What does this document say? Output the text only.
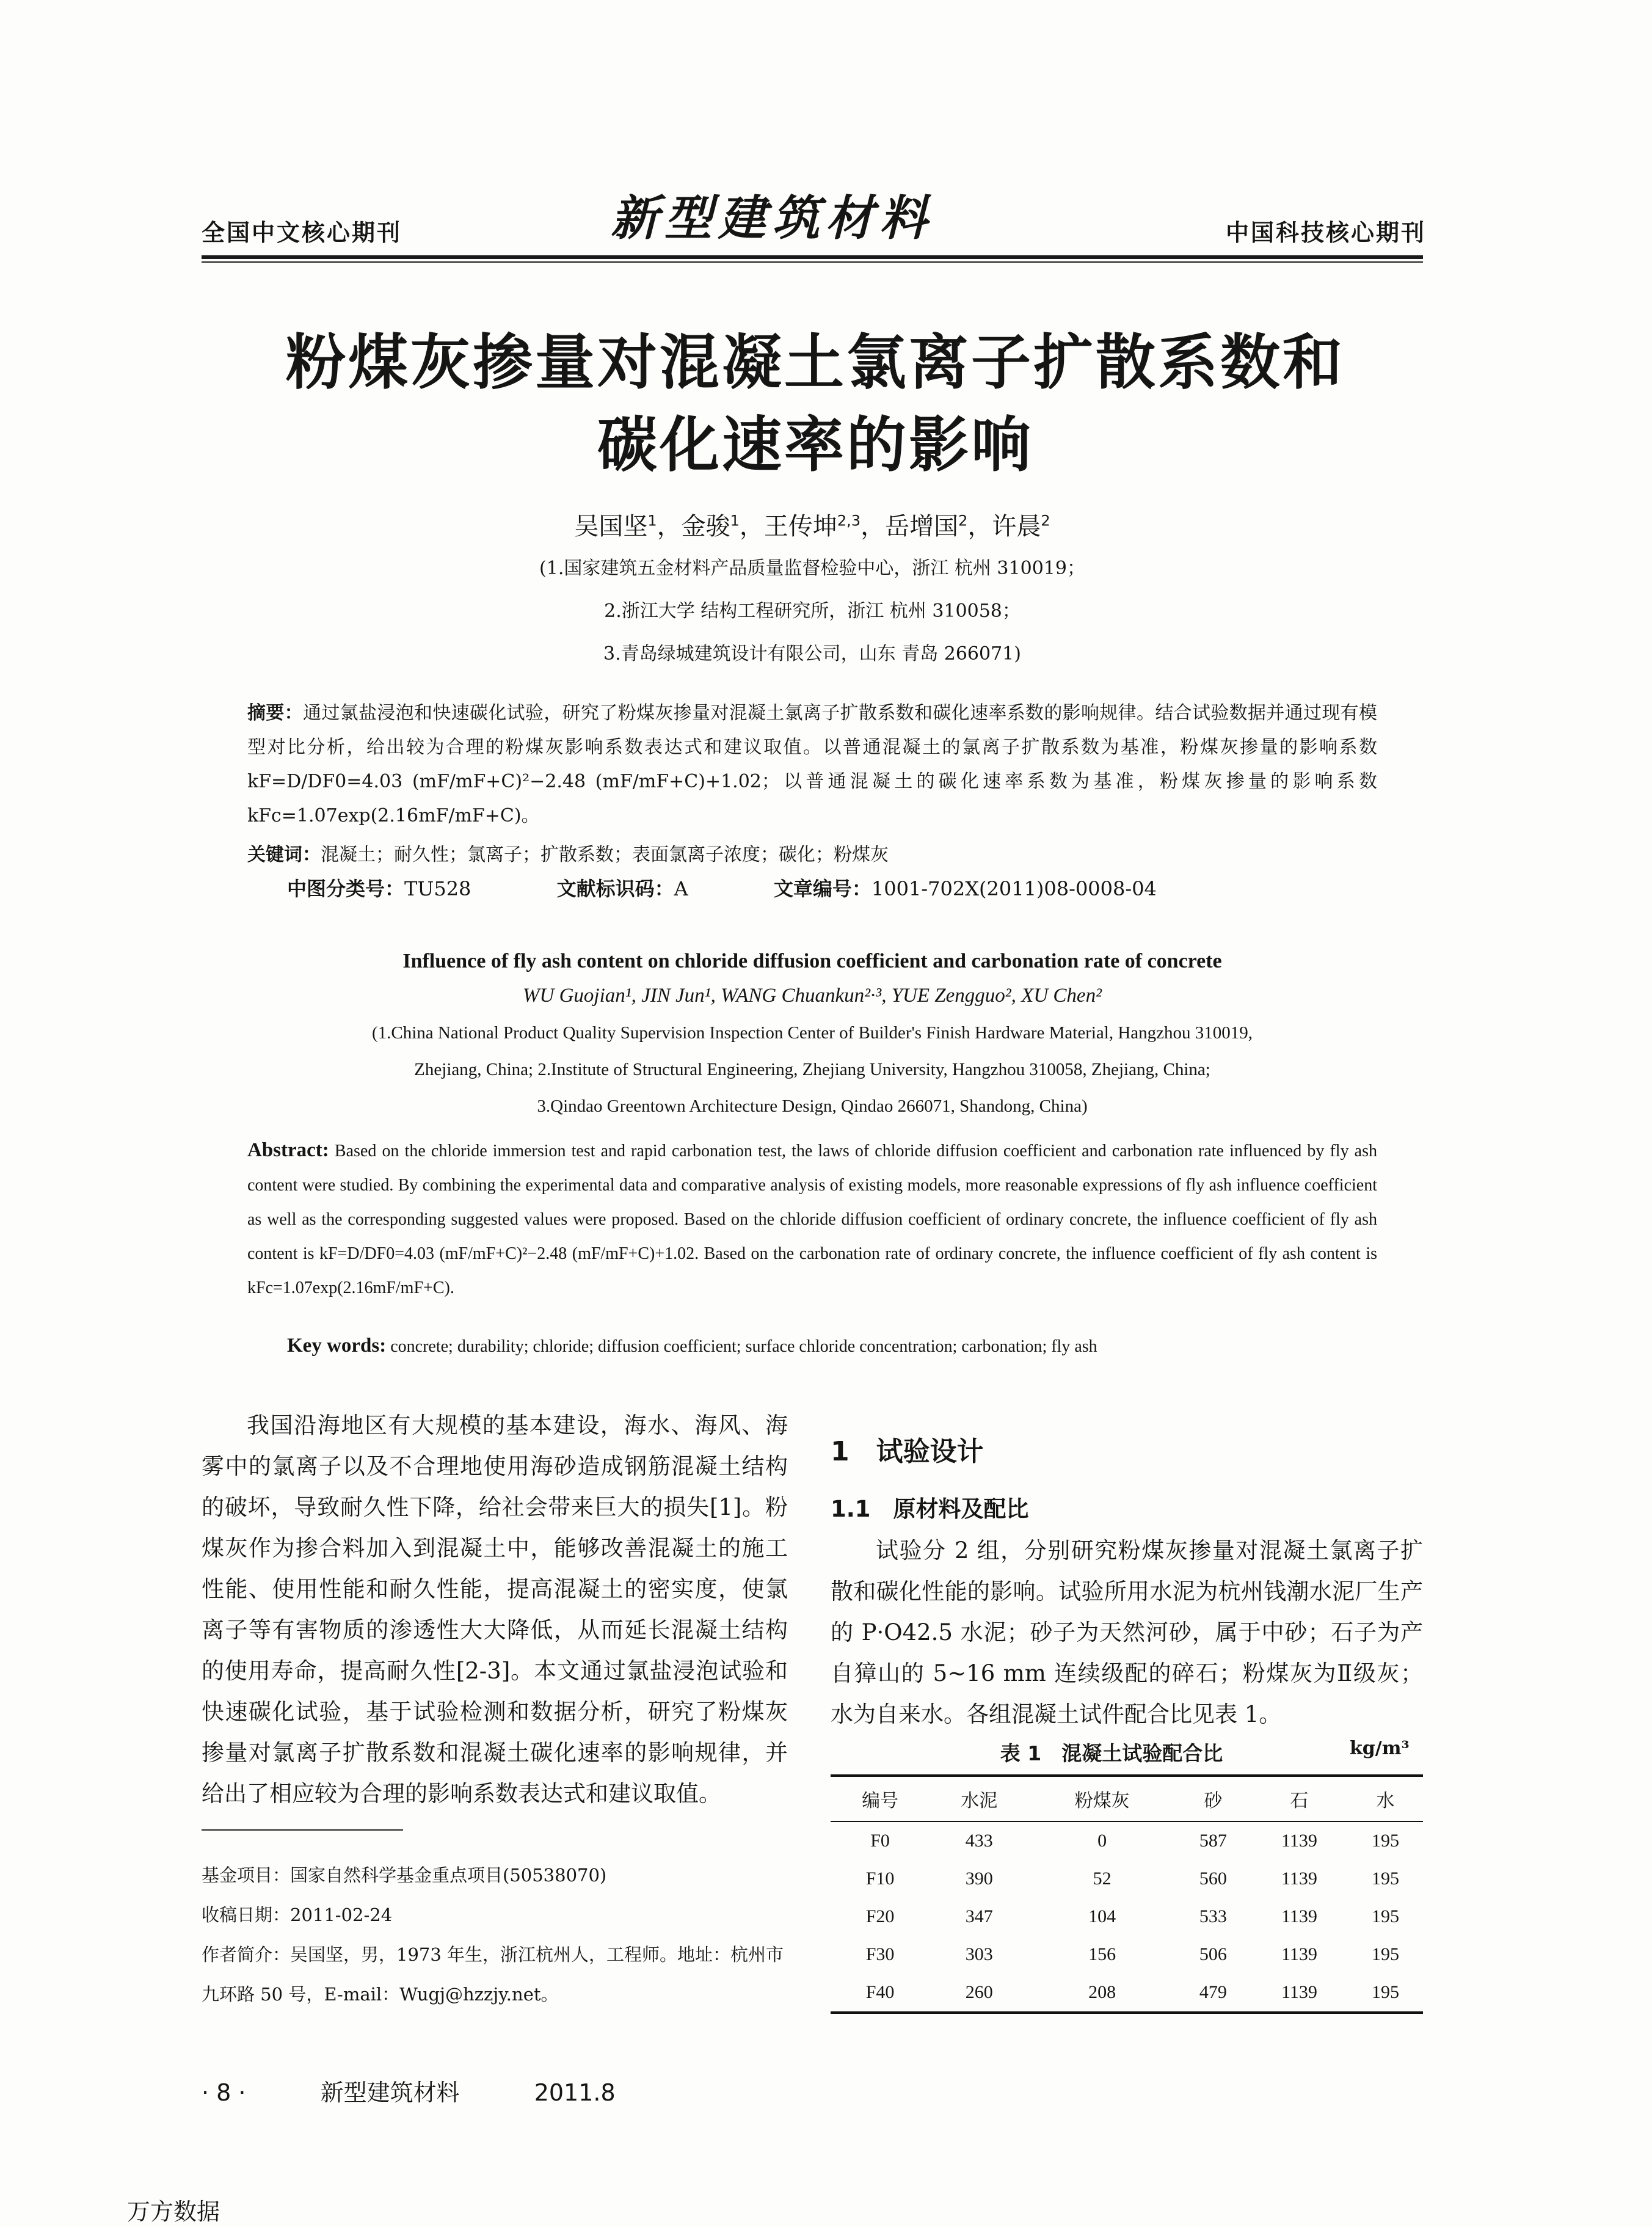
全国中文核心期刊	新型建筑材料	中国科技核心期刊
粉煤灰掺量对混凝土氯离子扩散系数和
碳化速率的影响
吴国坚$^1$，金骏$^1$，王传坤$^{2,3}$，岳增国$^2$，许晨$^2$
(1.国家建筑五金材料产品质量监督检验中心，浙江 杭州 310019；
2.浙江大学 结构工程研究所，浙江 杭州 310058；
3.青岛绿城建筑设计有限公司，山东 青岛 266071)
摘要：通过氯盐浸泡和快速碳化试验，研究了粉煤灰掺量对混凝土氯离子扩散系数和碳化速率系数的影响规律。结合试验数据并通过现有模型对比分析，给出较为合理的粉煤灰影响系数表达式和建议取值。以普通混凝土的氯离子扩散系数为基准，粉煤灰掺量的影响系数 kF=D/DF0=4.03 (mF/mF+C)²−2.48 (mF/mF+C)+1.02；以普通混凝土的碳化速率系数为基准，粉煤灰掺量的影响系数 kFc=1.07exp(2.16mF/mF+C)。
关键词：混凝土；耐久性；氯离子；扩散系数；表面氯离子浓度；碳化；粉煤灰
中图分类号：TU528	文献标识码：A	文章编号：1001-702X(2011)08-0008-04
Influence of fly ash content on chloride diffusion coefficient and carbonation rate of concrete
WU Guojian¹, JIN Jun¹, WANG Chuankun²·³, YUE Zengguo², XU Chen²
(1.China National Product Quality Supervision Inspection Center of Builder's Finish Hardware Material, Hangzhou 310019,
Zhejiang, China; 2.Institute of Structural Engineering, Zhejiang University, Hangzhou 310058, Zhejiang, China;
3.Qindao Greentown Architecture Design, Qindao 266071, Shandong, China)
Abstract: Based on the chloride immersion test and rapid carbonation test, the laws of chloride diffusion coefficient and carbonation rate influenced by fly ash content were studied. By combining the experimental data and comparative analysis of existing models, more reasonable expressions of fly ash influence coefficient as well as the corresponding suggested values were proposed. Based on the chloride diffusion coefficient of ordinary concrete, the influence coefficient of fly ash content is kF=D/DF0=4.03 (mF/mF+C)²−2.48 (mF/mF+C)+1.02. Based on the carbonation rate of ordinary concrete, the influence coefficient of fly ash content is kFc=1.07exp(2.16mF/mF+C).
Key words: concrete; durability; chloride; diffusion coefficient; surface chloride concentration; carbonation; fly ash

我国沿海地区有大规模的基本建设，海水、海风、海雾中的氯离子以及不合理地使用海砂造成钢筋混凝土结构的破坏，导致耐久性下降，给社会带来巨大的损失[1]。粉煤灰作为掺合料加入到混凝土中，能够改善混凝土的施工性能、使用性能和耐久性能，提高混凝土的密实度，使氯离子等有害物质的渗透性大大降低，从而延长混凝土结构的使用寿命，提高耐久性[2-3]。本文通过氯盐浸泡试验和快速碳化试验，基于试验检测和数据分析，研究了粉煤灰掺量对氯离子扩散系数和混凝土碳化速率的影响规律，并给出了相应较为合理的影响系数表达式和建议取值。

基金项目：国家自然科学基金重点项目(50538070)
收稿日期：2011-02-24
作者简介：吴国坚，男，1973 年生，浙江杭州人，工程师。地址：杭州市
九环路 50 号，E-mail：Wugj@hzzjy.net。
1　试验设计
1.1　原材料及配比

试验分 2 组，分别研究粉煤灰掺量对混凝土氯离子扩散和碳化性能的影响。试验所用水泥为杭州钱潮水泥厂生产的 P·O42.5 水泥；砂子为天然河砂，属于中砂；石子为产自獐山的 5~16 mm 连续级配的碎石；粉煤灰为Ⅱ级灰；水为自来水。各组混凝土试件配合比见表 1。

表 1　混凝土试验配合比	kg/m³
编号	水泥	粉煤灰	砂	石	水
F0	433	0	587	1139	195
F10	390	52	560	1139	195
F20	347	104	533	1139	195
F30	303	156	506	1139	195
F40	260	208	479	1139	195
· 8 ·	新型建筑材料	2011.8
万方数据
